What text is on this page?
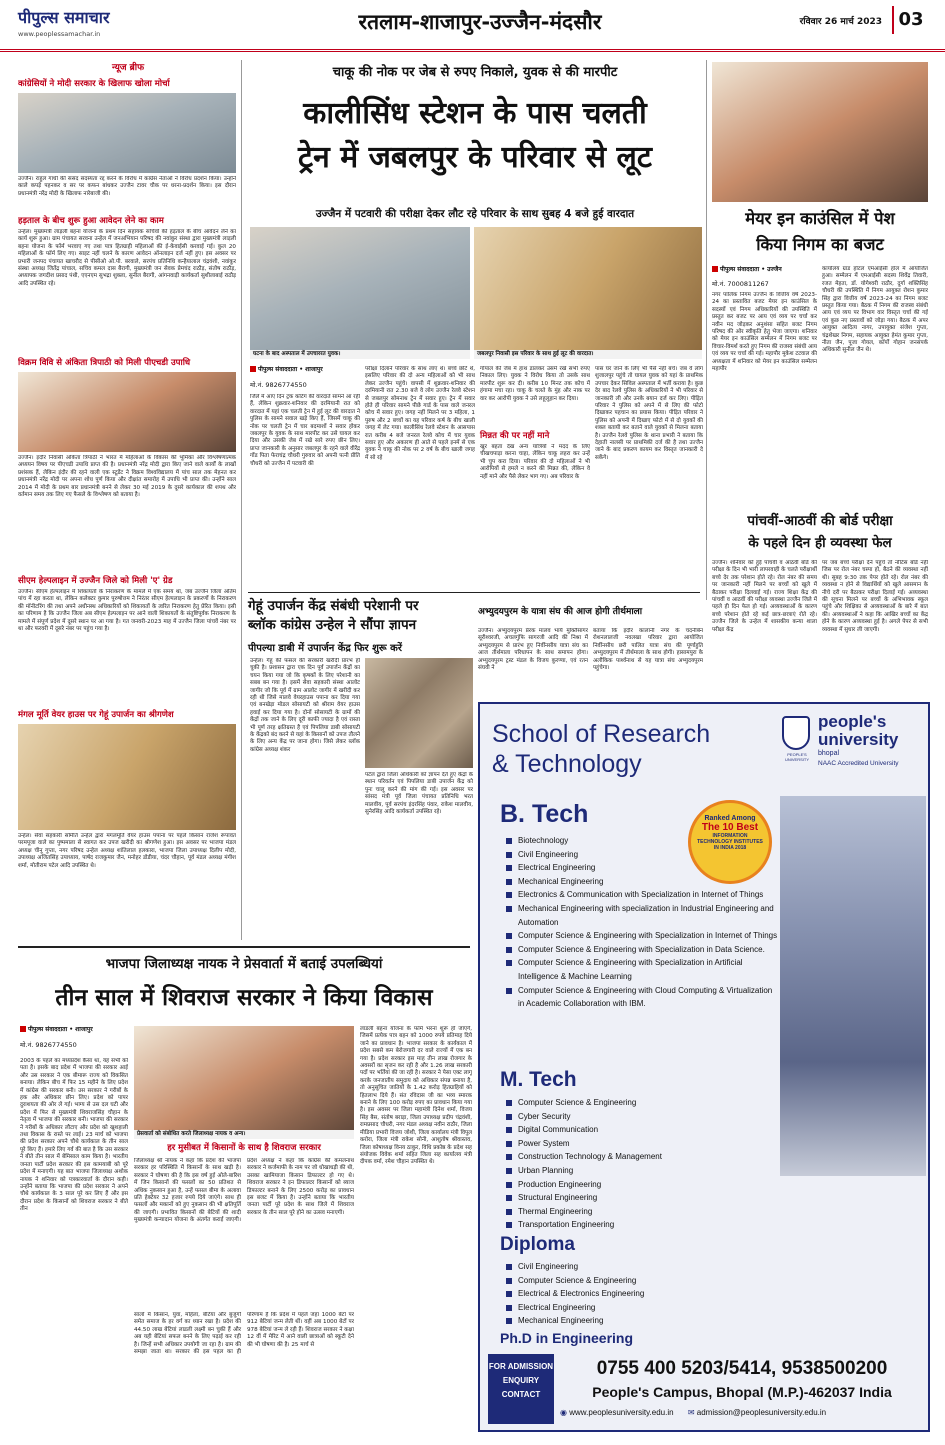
पीपुल्स समाचार
www.peoplessamachar.in	रतलाम-शाजापुर-उज्जैन-मंदसौर	रविवार 26 मार्च 2023 03
न्यूज ब्रीफ
कांग्रेसियों ने मोदी सरकार के खिलाफ खोला मोर्चा
उज्जैन। राहुल गांधी की संसद सदस्यता रद्द करने के विरोध में कांग्रेस नेताओं ने विरोध प्रदर्शन किया। उन्होंने काले कपड़े पहनकर व सर पर कफन बांधकर उज्जैन टावर चौक पर धरना-प्रदर्शन किया। इस दौरान प्रधानमंत्री नरेंद्र मोदी के खिलाफ नारेबाजी की।
हड़ताल के बीच शुरू हुआ आवेदन लेने का काम
उन्हेल। मुख्यमंत्री लाड़ली बहना योजना के प्रथम दिन सहायक सचिवों की हड़ताल के बीच आवेदन लेने का कार्य शुरू हुआ। ग्राम पंचायत सरवना उन्हेल में जनअभियान परिषद की नवांकुर संस्था द्वारा मुख्यमंत्री लाड़ली बहना योजना के फॉर्म भरवाए गए तथा पात्र हितग्राही महिलाओं की ई-केवाईसी करवाई गई। कुल 20 महिलाओं के फॉर्म लिए गए। साइट नहीं चलने के कारण आवेदन ऑनलाइन दर्ज नहीं हुए। इस अवसर पर प्रभारी जनपद पंचायत खाचरौद से पीसीओ ओ.पी. बरवाले, सरपंच प्रतिनिधि कन्हैयालाल चंद्रवंशी, नवांकुर संस्था अध्यक्ष जितेंद्र पांचाल, सचिव कमल दास बैरागी, मुख्यमंत्री जन सेवक प्रेमचंद राठौड़, संतोष राठौड़, अध्यापक जगदीश प्रसाद पंथी, एएनएम सुभद्रा शुक्ला, सुनील बैरागी, आंगनवाड़ी कार्यकर्ता सुशीलाबाई राठौड़ आदि उपस्थित रहे।
विक्रम विवि से अंकिता त्रिपाठी को मिली पीएचडी उपाधि
उज्जैन। इंदौर निवासी अंकिता त्रिपाठी ने भारत में महिलाओं के विकास की भूमिका और विश्लेषणात्मक अध्ययन विषय पर पीएचडी उपाधि प्राप्त की है। प्रधानमंत्री नरेंद्र मोदी द्वारा किए जाने वाले कार्यों के लाखों प्रशंसक हैं, लेकिन इंदौर की रहने वाली एक स्टूडेंट ने विक्रम विश्वविद्यालय में पांच साल तक मेहनत कर प्रधानमंत्री नरेंद्र मोदी पर अपना शोध पूर्ण किया और दीक्षांत समारोह में उपाधि भी प्राप्त की। उन्होंने साल 2014 में मोदी के प्रथम बार प्रधानमंत्री बनने से लेकर 30 मई 2019 के दूसरे कार्यकाल की शपथ और वर्तमान समय तक लिए गए फैसले के विश्लेषण को बताया है।
सीएम हेल्पलाइन में उज्जैन जिले को मिली 'ए' ग्रेड
उज्जैन। सीएम हेल्पलाइन में शिकायतों के निराकरण के मामले में एक समय था, जब उज्जैन जिला अंतिम पांच में रहा करता था, लेकिन कलेक्टर कुमार पुरुषोत्तम ने निरंतर सीएम हेल्पलाइन के प्रकरणों के निराकरण की मॉनीटरिंग की तथा अपने अधीनस्थ अधिकारियों को शिकायतों के त्वरित निराकरण हेतु प्रेरित किया। इसी का परिणाम है कि उज्जैन जिला अब सीएम हेल्पलाइन पर आने वाली शिकायतों के संतुष्टिपूर्वक निराकरण के मामले में संपूर्ण प्रदेश में दूसरे स्थान पर आ गया है। गत जनवरी-2023 माह में उज्जैन जिला पांचवें नंबर पर था और फरवरी में दूसरे नंबर पर पहुंच गया है।
मंगल मूर्ति वेयर हाउस पर गेहूं उपार्जन का श्रीगणेश
उन्हेल। सेवा सहकारी समिति उन्हेल द्वारा मंगलमूर्ति वेयर हाउस पपाना पर पहले किसान राजेश रूपावत परमपूजा वाले का पुष्पमाला से स्वागत कर उपज खरीदी का श्रीगणेश हुआ। इस अवसर पर भाजपा मंडल अध्यक्ष चीनू गुप्ता, नगर परिषद उन्हेल अध्यक्ष शांतिलाल हलकारा, भाजपा जिला उपाध्यक्ष दिलीप मोदी, उपाध्यक्ष अजितसिंह उपाध्याय, पार्षद राजकुमार जैन, मनोहर डोडीया, चंदर चौहान, पूर्व मंडल अध्यक्ष मंगीश शर्मा, मोतीराम पटेल आदि उपस्थित थे।
चाकू की नोक पर जेब से रुपए निकाले, युवक से की मारपीट
कालीसिंध स्टेशन के पास चलती
ट्रेन में जबलपुर के परिवार से लूट
उज्जैन में पटवारी की परीक्षा देकर लौट रहे परिवार के साथ सुबह 4 बजे हुई वारदात
घटना के बाद अस्पताल में उपचाररत युवक।	जबलपुर निवासी इस परिवार के साथ हुई लूट की वारदात।
पीपुल्स संवाददाता • शाजापुर
मो.नं. 9826774550
जिले में आए दिन ट्रक कटिंग की वारदातें सामने आ रही हैं, लेकिन शुक्रवार-शनिवार की दरमियानी रात को वारदात में यहां एक चलती ट्रेन में हुई लूट की वारदात ने पुलिस के सामने सवाल खड़े किए हैं, जिसमें चाकू की नोक पर चलती ट्रेन में चार बदमाशों ने सवार होकर जबलपुर के युवक के साथ मारपीट कर उसे घायल कर दिया और उसकी जेब में रखे सारे रुपए छीन लिए। प्राप्त जानकारी के अनुसार जबलपुर के रहने वाले वीरेंद्र गोंड पिता फेराचंद्र चौधरी गुरुवार को अपनी पत्नी प्रीति चौधरी को उज्जैन में पटवारी की
परीक्षा दिलाने परिवार के साथ लाए थे। बच्चे छोटे थे, इसलिए परिवार की दो अन्य महिलाओं को भी साथ लेकर उज्जैन पहुंचे। वापसी में शुक्रवार-शनिवार की दरमियानी रात 2.30 बजे वे लोग उज्जैन रेलवे स्टेशन से जबलपुर सोमनाथ ट्रेन में सवार हुए। ट्रेन में सवार होते ही परिवार सामने पीछे गार्ड के पास वाले जनरल कोच में सवार हुए। जगह नहीं मिलने पर 3 महिला, 1 पुरुष और 2 बच्चों का यह परिवार कर्ष के बीच खाली जगह में लेट गया। कालीसिंध रेलवे स्टेशन के आसपास रात करीब 4 बजे जनरल रेलवे कोच में चार युवक सवार हुए और अकारण ही आते से पहले इनमें से एक युवक ने चाकू की नोक पर 2 वर्ष के बीच खाली जगह में सो रहे
गोपाल की जेब में हाथ डालकर उसमें रखे सभी रुपए निकाल लिए। युवक ने विरोध किया तो उसके साथ मारपीट शुरू कर दी। करीब 10 मिनट तक कोच में हंगामा मचा रहा। चाकू के चलते के मुंह और नाक पर वार कर आरोपी युवक ने उसे लहूलुहान कर दिया।
मिन्नत की पर नहीं माने
खुर बहता देख अन्य यात्रियों ने मदद के लिए चीखचपाड़ा करना चाहा, लेकिन चाकू लहरा कर उन्हें भी चुप करा दिया। परिवार की दो महिलाओं ने भी आरोपियों से हमले न करने की मिन्नत की, लेकिन वे नहीं माने और पैसे लेकर भाग गए। अब परिवार के
पास घर जाने के लिए भी पैसे नहीं बचे। जब वे लोग शुजालपुर पहुंचे तो घायल युवक को यहां के प्राथमिक उपचार देकर सिविल अस्पताल में भर्ती कराया है। कुछ देर बाद रेलवे पुलिस के अधिकारियों ने भी परिवार से जानकारी ली और उनके बयान दर्ज कर लिए। पीड़ित परिवार ने पुलिस को अपने में से लिए की फोटो दिखाकर पहचान का प्रयास किया। पीड़ित परिवार ने पुलिस को अपनी में दिखाए फोटो में से दो युवकों की शक्ल बतायी कर बताने वाले युवकों से मिलना बताया है। उज्जैन रेलवे पुलिस के थाना प्रभारी ने बताया कि देहाती नालसी पर प्राथमिकी दर्ज की है तथा उज्जैन जाने के बाद प्रकरण कायम कर विस्तृत जानकारी दे सकेंगे।
मेयर इन काउंसिल में पेश
किया निगम का बजट
पीपुल्स संवाददाता • उज्जैन
मो.नं. 7000811267
नगर पालिक निगम उज्जैन के वित्तीय वर्ष 2023-24 का प्रस्तावित बजट मेयर इन काउंसिल के सदस्यों एवं निगम अधिकारियों की उपस्थिति में प्रस्तुत कर बजट पर आय एवं व्यय पर चर्चा कर नवीन मद जोड़कर अनुशंसा सहित बजट निगम परिषद की ओर स्वीकृति हेतु भेजा जाएगा। शनिवार को मेयर इन काउंसिल सम्मेलन में निगम बजट पर विचार-विमर्श करते हुए निगम की राजस्व संबंधी आय एवं व्यय पर चर्चा की गई। महापौर मुकेश टटवाल की अध्यक्षता में शनिवार को मेयर इन काउंसिल सम्मेलन महापौर
कार्यालय ग्रांड होटल एमआईसी हॉल में आयोजित हुआ। सम्मेलन में एमआईसी सदस्य शिवेंद्र तिवारी, रजत मेहता, डॉ. योगेश्वरी राठौर, दुर्गा शक्तिसिंह चौधरी की उपस्थिति में निगम आयुक्त रोशन कुमार सिंह द्वारा वित्तीय वर्ष 2023-24 का निगम बजट प्रस्तुत किया गया। बैठक में निगम की राजस्व संबंधी आय एवं व्यय पर विभाग वार विस्तृत चर्चा की गई एवं कुछ नए प्रस्तावों को जोड़ा गया। बैठक में अपर आयुक्त आदित्य नागर, उपायुक्त संजेश गुप्ता, चंद्रशेखर निगम, सहायक आयुक्त हेमंत कुमार गुप्ता, नीता जैन, पूजा गोयल, कॉर्पो गोहान जनसंपर्क अधिकारी सुनील जैन थे।
पांचवीं-आठवीं की बोर्ड परीक्षा
के पहले दिन ही व्यवस्था फेल
उज्जैन। शनिवार को हुई पांचवीं व आठवीं बोर्ड की परीक्षा के दिन भी भारी लापरवाही के चलते परीक्षार्थी बच्चे देर तक परेशान होते रहे। रोल नंबर की समय पर जानकारी नहीं मिलने पर बच्चों को खुले में बैठाकर परीक्षा दिलवाई गई। राज्य शिक्षा केंद्र की पांचवीं व आठवीं की परीक्षा व्यवस्था उज्जैन जिले में पहले ही दिन फेल हो गई। अव्यवस्थाओं के कारण बच्चे परेशान होते रहे कई छात्र-छात्राएं रोते रहे। उज्जैन जिले के उन्हेल में शासकीय कन्या शाला परीक्षा केंद्र
पर जब बच्चे परीक्षा देने पहुंचे तो नोटिस बोर्ड नहीं जिस पर रोल नंबर चस्पा हो, बैठने की व्यवस्था नहीं थी। सुबह 9:30 तक पेपर होते रहे। रोल नंबर की व्यवस्था न होने से विद्यार्थियों को खुले आसमान के नीचे दरी पर बैठाकर परीक्षा दिलाई गई। अव्यवस्था की सूचना मिलने पर बच्चों के अभिभावक स्कूल पहुंचे और शिक्षिका से अव्यवस्थाओं के बारे में बात की। अव्यवस्थाओं ने कहा कि आखिर बच्चों का केंद्र होने के कारण अव्यवस्था हुई है। अगले पेपर से सभी व्यवस्था में सुधार ली जाएगी।
गेहूं उपार्जन केंद्र संबंधी परेशानी पर
ब्लॉक कांग्रेस उन्हेल ने सौंपा ज्ञापन
पीपल्या डाबी में उपार्जन केंद्र फिर शुरू करें
उन्हेल। गेहूं की फसल की सरकारी खरीदी प्रारंभ हो चुकी है। प्रशासन द्वारा एक दिन पूर्व उपार्जन केंद्रों का चयन किया गया जो कि कृषकों के लिए परेशानी का सबब बन गया है। इसमें सेवा सहकारी संस्था आलोट जागीर जो कि पूर्व में ग्राम आलोट जागीर में खरीदी कर रही थी जिसे मालवे वेयरहाउस पपाना कर दिया गया एवं बनखेड़ा मोडल सोसायटी को श्रीराम वेयर हाउस हवाई कर दिया गया है। दोनों सोसायटी के ग्रामों की केंद्रों तक जाने के लिए दूरी काफी ज्यादा है एवं रास्ता भी पूर्ण तरह क्षतिग्रस्त है एवं पिपलिया डाबी सोसायटी के केंद्रको बंद करने से यहां के किसानों को उपज तौलने के लिए अन्य केंद्र पर जाना होगा। जिसे लेकर ब्लॉक कांग्रेस अध्यक्ष शंकर
पटेल द्वारा जिला अधिकारी को ज्ञापन देते हुए केंद्रों के स्थान परिवर्तन एवं पिपलिया डाबी उपार्जन केंद्र को पुनः चालू करने की मांग की गई। इस अवसर पर सांसद मंत्री पूर्व जिला पंचायत प्रतिनिधि भरत मालवीय, पूर्व सरपंच इंदरसिंह पंवार, राकेश मालवीय, सुनेरसिंह आदि कार्यकर्ता उपस्थित रहे।
अभ्युदयपुरम के यात्रा संघ की आज होगी तीर्थमाला
उज्जैन। अभ्युदयपुरम प्रेरक मालव भार्य मुक्तिसागर सूरीश्वरजी, अचलगुंफि सागरजी आदि की निश्रा में अभ्युदयपुरम से प्रारंभ हुए निर्वीनसीय यात्रा संघ का आज तीर्थमाला परिधापन के साथ समापन होगा। अभ्युदयपुरम ट्रस्ट मंडल के विजय कुरण्या, एवं रतन संघवी ने
बताया कि इंदौर कालानी नगर के चंदनीबेन रोशनलालजी नवलखा परिवार द्वारा आयोजित निर्वीनसीय छरी पालित यात्रा संघ की पूर्णाहुति अभ्युदयपुरम में तीर्थमाला के साथ होगी। हासामपुरा के अलौकिक पार्श्वनाथ से यह यात्रा संघ अभ्युदयपुरम पहुंचेगा।
School of Research
& Technology	PEOPLE'S UNIVERSITY
people's
university
bhopal
NAAC Accredited University
Ranked Among
The 10 Best
INFORMATION TECHNOLOGY INSTITUTES
IN INDIA 2018
B. Tech
Biotechnology
Civil Engineering
Electrical Engineering
Mechanical Engineering
Electronics & Communication with Specialization in Internet of Things
Mechanical Engineering with specialization in Industrial Engineering and Automation
Computer Science & Engineering with Specialization in Internet of Things
Computer Science & Engineering with Specialization in Data Science.
Computer Science & Engineering with Specialization in Artificial Intelligence & Machine Learning
Computer Science & Engineering with Cloud Computing & Virtualization in Academic Collaboration with IBM.
M. Tech
Computer Science & Engineering
Cyber Security
Digital Communication
Power System
Construction Technology & Management
Urban Planning
Production Engineering
Structural Engineering
Thermal Engineering
Transportation Engineering
Diploma
Civil Engineering
Computer Science & Engineering
Electrical & Electronics Engineering
Electrical Engineering
Mechanical Engineering
Ph.D in Engineering
FOR ADMISSION ENQUIRY CONTACT
0755 400 5203/5414, 9538500200
People's Campus, Bhopal (M.P.)-462037 India
◉ www.peoplesuniversity.edu.in ✉ admission@peoplesuniversity.edu.in
भाजपा जिलाध्यक्ष नायक ने प्रेसवार्ता में बताई उपलब्धियां
तीन साल में शिवराज सरकार ने किया विकास
पीपुल्स संवाददाता • शाजापुर
मो.नं. 9826774550
2003 के पहले का मध्यप्रदेश कैसा था, यह सभी को पता है। इसके बाद प्रदेश में भाजपा की सरकार आई और उस सरकार ने एक बीमारू राज्य को विकसित बनाया। लेकिन बीच में फिर 15 महीने के लिए प्रदेश में कांग्रेस की सरकार बनी। उस सरकार ने गरीबों के हक और अधिकार छीन लिए। प्रदेश को पापर दुराशयता की ओर ले गई। भाग्य से उस दल घटी और प्रदेश में फिर से मुख्यमंत्री शिवराजसिंह चौहान के नेतृत्व में भाजपा की सरकार बनी। भाजपा की सरकार ने गरीबों के अधिकार लौटाए और प्रदेश को खुशहाली तथा विकास के रास्ते पर लाई। 23 मार्च को भाजपा की प्रदेश सरकार अपने चौथे कार्यकाल के तीन साल पूरे किए हैं। हमारे लिए गर्व की बात है कि उस सरकार ने बीते तीन साल में बेमिसाल काम किया है। भारतीय जनता पार्टी प्रदेश सरकार की इस कामयाबी को पूरे प्रदेश में मनाएगी। यह बात भाजपा जिलाध्यक्ष अशोक नायक ने शनिवार को पत्रकारवार्ता के दौरान कही। उन्होंने बताया कि भाजपा की प्रदेश सरकार ने अपने चौथे कार्यकाल के 3 साल पूरे कर लिए हैं और इस दौरान प्रदेश के किसानों को शिवराज सरकार ने बीते तीन
प्रेसवार्ता को संबोधित करते जिलाध्यक्ष नायक व अन्य।
हर मुसीबत में किसानों के साथ है शिवराज सरकार
जिलाध्यक्ष श्री नायक ने कहा कि प्रदेश की भाजपा सरकार हर परिस्थिति में किसानों के साथ खड़ी है। सरकार ने घोषणा की है कि इस वर्ष हुई ओले-बारिश में जिन किसानों की फसलों का 50 प्रतिशत से अधिक नुकसान हुआ है, उन्हें फसल बीमा के अलावा प्रति हेक्टेयर 32 हजार रुपये दिये जाएंगे। साथ ही फसलों और मकानों को हुए नुकसान की भी क्षतिपूर्ति की जाएगी। प्रभावित किसानों की बेटियों की शादी मुख्यमंत्री कन्यादान योजना के अंतर्गत कराई जाएगी। प्रदेश अध्यक्ष ने कहा कि कांग्रेस की कमलनाथ सरकार ने कर्जमाफी के नाम पर जो धोखाधड़ी की थी, उसका खामियाजा किसान डिफाल्टर हो गए थे। शिवराज सरकार ने इन डिफाल्टर किसानों को ब्याज डिफाल्टर बनाने के लिए 2500 करोड़ का प्रावधान इस बजट में किया है। उन्होंने बताया कि भारतीय जनता पार्टी पूरे प्रदेश के साथ जिले में शिवराज सरकार के तीन साल पूरे होने का उत्सव मनाएगी।
सालों में किसान, युवा, महिला, बेटियां और बुजुर्गों समेत समाज के हर वर्ग का ध्यान रखा है। प्रदेश की 44.50 लाख बेटियां लाडली लक्ष्मी बन चुकी हैं और अब यही बेटियां सफल बनने के लिए पढ़ाई कर रही है। जिन्हें सभी अधिकार उपयोगी जा रहा है। ग्राम की समझा जाता था। सरकार की इस पहल का ही परिणाम है कि प्रदेश में पहले जहां 1000 बेटों पर 912 बेटियां जन्म लेती थीं। वहीं अब 1000 बेटों पर 978 बेटियां जन्म ले रही हैं। शिवराज सरकार ने कक्षा 12 वीं में मेरिट में आने वाली छात्राओं को स्कूटी देने की भी घोषणा की है। 25 मार्च से
लाडली बहना योजना के फॉर्म भरना शुरू हो जाएंगे, जिसमें प्रत्येक पात्र बहन को 1000 रुपये प्रतिमाह दिये जाने का प्रावधान है। भाजपा सरकार के कार्यकाल में प्रदेश सबसे कम बेरोजगारी दर वाले राज्यों में एक बन गया है। प्रदेश सरकार इस माह तीन लाख रोजगार के अवसरों का सृजन कर रही है और 1.26 लाख सरकारी पदों पर भर्तियां की जा रही है। सरकार ने पेसा एक्ट लागू करके जनजातीय समुदाय को अधिकार संपन्न बनाया है, तो अनुसूचित जातियों के 1.42 करोड़ हितग्राहियों को हितलाभ दिये हैं। संत रविदास जी का भव्य स्मारक बनाने के लिए 100 करोड़ रुपए का प्रावधान किया गया है। इस अवसर पर जिला महामंत्री दिनेश शर्मा, विजय सिंह बैस, संतोष बराड़ा, जिला उपाध्यक्ष प्रदीप चंद्रवंशी, रामप्रसाद चौधरी, नगर मंडल अध्यक्ष नवीन राठौर, जिला मीडिया प्रभारी विजय जोशी, जिला कार्यालय मंत्री विपुल करोरा, जिला मंत्री राकेश सोनी, आशुतोष श्रीवास्तव, जिला कोषाध्यक्ष विनय ठाकुर, विधि प्रकोष्ठ के प्रदेश सह संयोजक विवेक शर्मा सहित जिला सह कार्यालय मंत्री दीपक वर्मा, रमेश चौहान उपस्थित थे।
